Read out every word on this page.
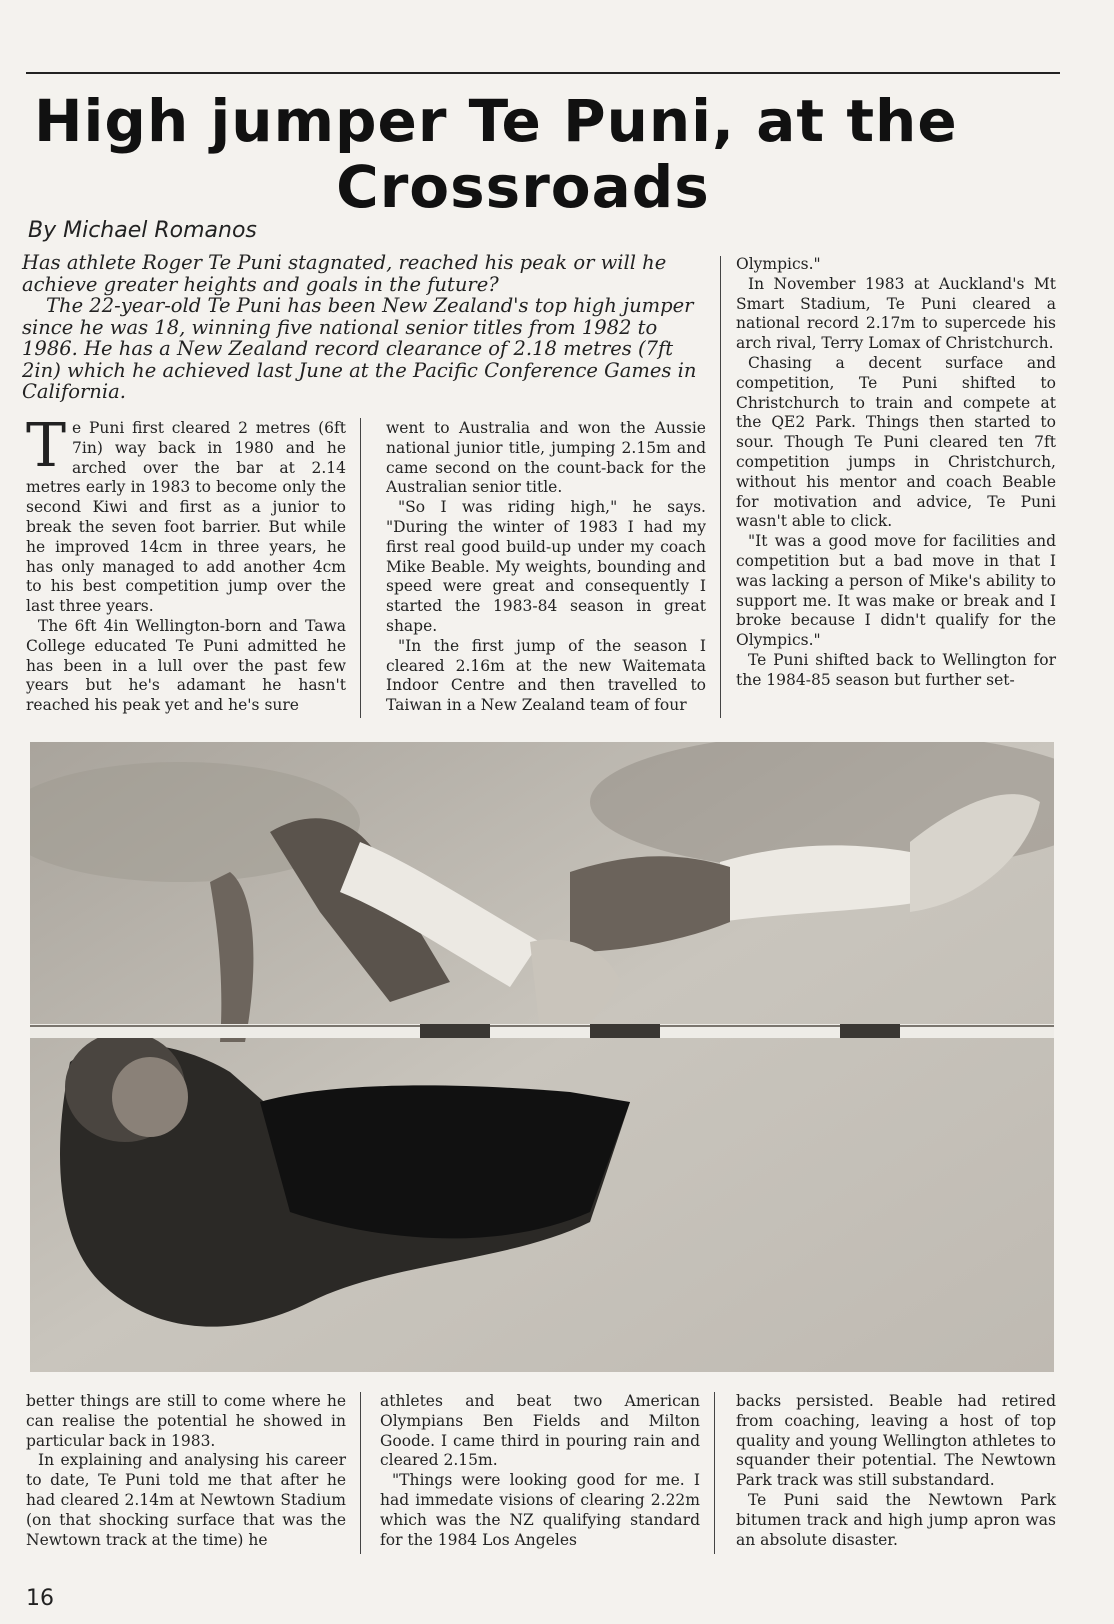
High jumper Te Puni, at the
Crossroads
By Michael Romanos

Has athlete Roger Te Puni stagnated, reached his peak or will he achieve greater heights and goals in the future?

The 22-year-old Te Puni has been New Zealand's top high jumper since he was 18, winning five national senior titles from 1982 to 1986. He has a New Zealand record clearance of 2.18 metres (7ft 2in) which he achieved last June at the Pacific Conference Games in California.

Te Puni first cleared 2 metres (6ft 7in) way back in 1980 and he arched over the bar at 2.14 metres early in 1983 to become only the second Kiwi and first as a junior to break the seven foot barrier. But while he improved 14cm in three years, he has only managed to add another 4cm to his best competition jump over the last three years.

The 6ft 4in Wellington-born and Tawa College educated Te Puni admitted he has been in a lull over the past few years but he's adamant he hasn't reached his peak yet and he's sure

went to Australia and won the Aussie national junior title, jumping 2.15m and came second on the count-back for the Australian senior title.

"So I was riding high," he says. "During the winter of 1983 I had my first real good build-up under my coach Mike Beable. My weights, bounding and speed were great and consequently I started the 1983-84 season in great shape.

"In the first jump of the season I cleared 2.16m at the new Waitemata Indoor Centre and then travelled to Taiwan in a New Zealand team of four

Olympics."

In November 1983 at Auckland's Mt Smart Stadium, Te Puni cleared a national record 2.17m to supercede his arch rival, Terry Lomax of Christchurch.

Chasing a decent surface and competition, Te Puni shifted to Christchurch to train and compete at the QE2 Park. Things then started to sour. Though Te Puni cleared ten 7ft competition jumps in Christchurch, without his mentor and coach Beable for motivation and advice, Te Puni wasn't able to click.

"It was a good move for facilities and competition but a bad move in that I was lacking a person of Mike's ability to support me. It was make or break and I broke because I didn't qualify for the Olympics."

Te Puni shifted back to Wellington for the 1984-85 season but further set-

better things are still to come where he can realise the potential he showed in particular back in 1983.

In explaining and analysing his career to date, Te Puni told me that after he had cleared 2.14m at Newtown Stadium (on that shocking surface that was the Newtown track at the time) he

athletes and beat two American Olympians Ben Fields and Milton Goode. I came third in pouring rain and cleared 2.15m.

"Things were looking good for me. I had immedate visions of clearing 2.22m which was the NZ qualifying standard for the 1984 Los Angeles

backs persisted. Beable had retired from coaching, leaving a host of top quality and young Wellington athletes to squander their potential. The Newtown Park track was still substandard.

Te Puni said the Newtown Park bitumen track and high jump apron was an absolute disaster.

16
